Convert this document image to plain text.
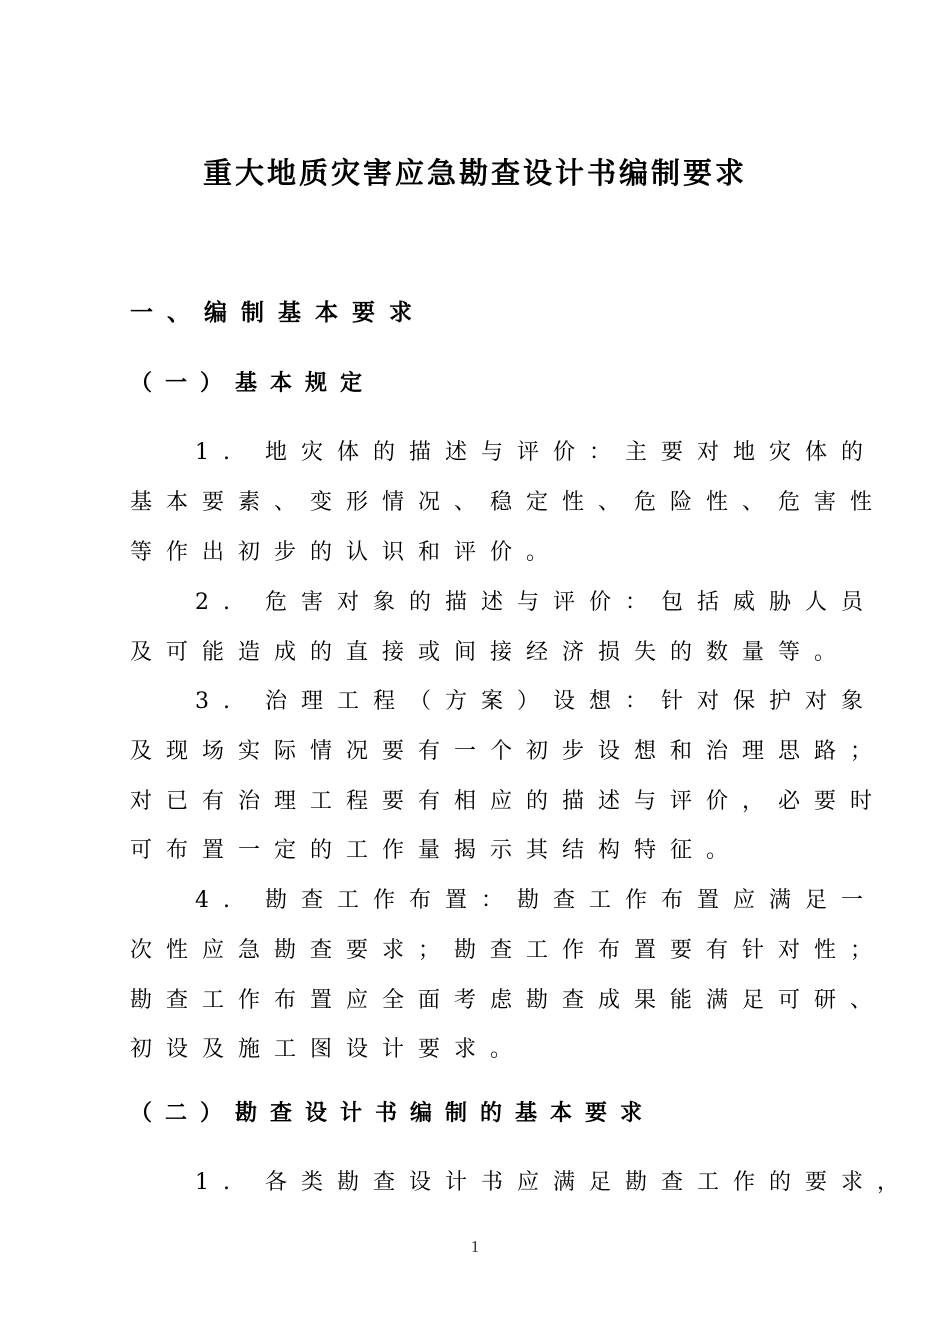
重大地质灾害应急勘查设计书编制要求
一、编制基本要求
（一）基本规定
1. 地灾体的描述与评价：主要对地灾体的
基本要素、变形情况、稳定性、危险性、危害性
等作出初步的认识和评价。
2. 危害对象的描述与评价：包括威胁人员
及可能造成的直接或间接经济损失的数量等。
3. 治理工程（方案）设想：针对保护对象
及现场实际情况要有一个初步设想和治理思路；
对已有治理工程要有相应的描述与评价，必要时
可布置一定的工作量揭示其结构特征。
4. 勘查工作布置：勘查工作布置应满足一
次性应急勘查要求；勘查工作布置要有针对性；
勘查工作布置应全面考虑勘查成果能满足可研、
初设及施工图设计要求。
（二）勘查设计书编制的基本要求
1. 各类勘查设计书应满足勘查工作的要求，
1
